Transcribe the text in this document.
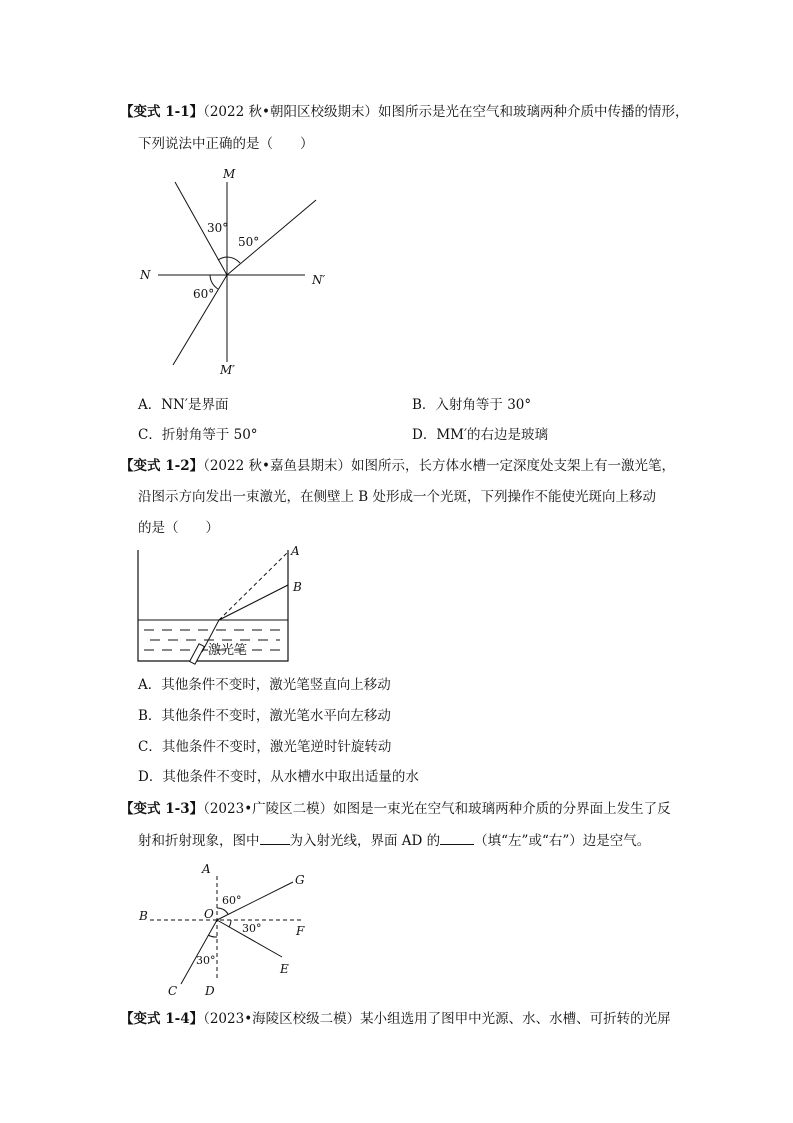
【变式 1-1】（2022 秋•朝阳区校级期末）如图所示是光在空气和玻璃两种介质中传播的情形，
下列说法中正确的是（　　）
M
M′
N	N′
30°
50°
60°
A．NN′是界面	B．入射角等于 30°
C．折射角等于 50°	D．MM′的右边是玻璃
【变式 1-2】（2022 秋•嘉鱼县期末）如图所示，长方体水槽一定深度处支架上有一激光笔，
沿图示方向发出一束激光，在侧壁上 B 处形成一个光斑，下列操作不能使光斑向上移动
的是（　　）
激光笔
A
B
A．其他条件不变时，激光笔竖直向上移动
B．其他条件不变时，激光笔水平向左移动
C．其他条件不变时，激光笔逆时针旋转动
D．其他条件不变时，从水槽水中取出适量的水
【变式 1-3】（2023•广陵区二模）如图是一束光在空气和玻璃两种介质的分界面上发生了反
射和折射现象，图中 为入射光线，界面 AD 的	（填“左”或“右”）边是空气。
A
B
C D
E
F
G
O
60°
30°
30°
【变式 1-4】（2023•海陵区校级二模）某小组选用了图甲中光源、水、水槽、可折转的光屏
